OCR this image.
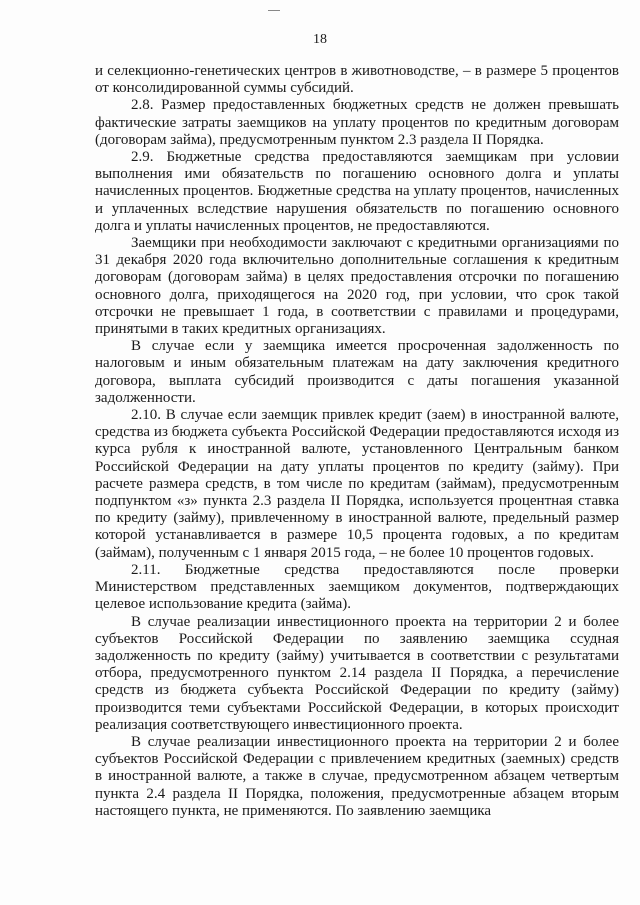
18

и селекционно-генетических центров в животноводстве, – в размере 5 процентов от консолидированной суммы субсидий.

2.8. Размер предоставленных бюджетных средств не должен превышать фактические затраты заемщиков на уплату процентов по кредитным договорам (договорам займа), предусмотренным пунктом 2.3 раздела II Порядка.

2.9. Бюджетные средства предоставляются заемщикам при условии выполнения ими обязательств по погашению основного долга и уплаты начисленных процентов. Бюджетные средства на уплату процентов, начисленных и уплаченных вследствие нарушения обязательств по погашению основного долга и уплаты начисленных процентов, не предоставляются.

Заемщики при необходимости заключают с кредитными организациями по 31 декабря 2020 года включительно дополнительные соглашения к кредитным договорам (договорам займа) в целях предоставления отсрочки по погашению основного долга, приходящегося на 2020 год, при условии, что срок такой отсрочки не превышает 1 года, в соответствии с правилами и процедурами, принятыми в таких кредитных организациях.

В случае если у заемщика имеется просроченная задолженность по налоговым и иным обязательным платежам на дату заключения кредитного договора, выплата субсидий производится с даты погашения указанной задолженности.

2.10. В случае если заемщик привлек кредит (заем) в иностранной валюте, средства из бюджета субъекта Российской Федерации предоставляются исходя из курса рубля к иностранной валюте, установленного Центральным банком Российской Федерации на дату уплаты процентов по кредиту (займу). При расчете размера средств, в том числе по кредитам (займам), предусмотренным подпунктом «з» пункта 2.3 раздела II Порядка, используется процентная ставка по кредиту (займу), привлеченному в иностранной валюте, предельный размер которой устанавливается в размере 10,5 процента годовых, а по кредитам (займам), полученным с 1 января 2015 года, – не более 10 процентов годовых.

2.11. Бюджетные средства предоставляются после проверки Министерством представленных заемщиком документов, подтверждающих целевое использование кредита (займа).

В случае реализации инвестиционного проекта на территории 2 и более субъектов Российской Федерации по заявлению заемщика ссудная задолженность по кредиту (займу) учитывается в соответствии с результатами отбора, предусмотренного пунктом 2.14 раздела II Порядка, а перечисление средств из бюджета субъекта Российской Федерации по кредиту (займу) производится теми субъектами Российской Федерации, в которых происходит реализация соответствующего инвестиционного проекта.

В случае реализации инвестиционного проекта на территории 2 и более субъектов Российской Федерации с привлечением кредитных (заемных) средств в иностранной валюте, а также в случае, предусмотренном абзацем четвертым пункта 2.4 раздела II Порядка, положения, предусмотренные абзацем вторым настоящего пункта, не применяются. По заявлению заемщика
